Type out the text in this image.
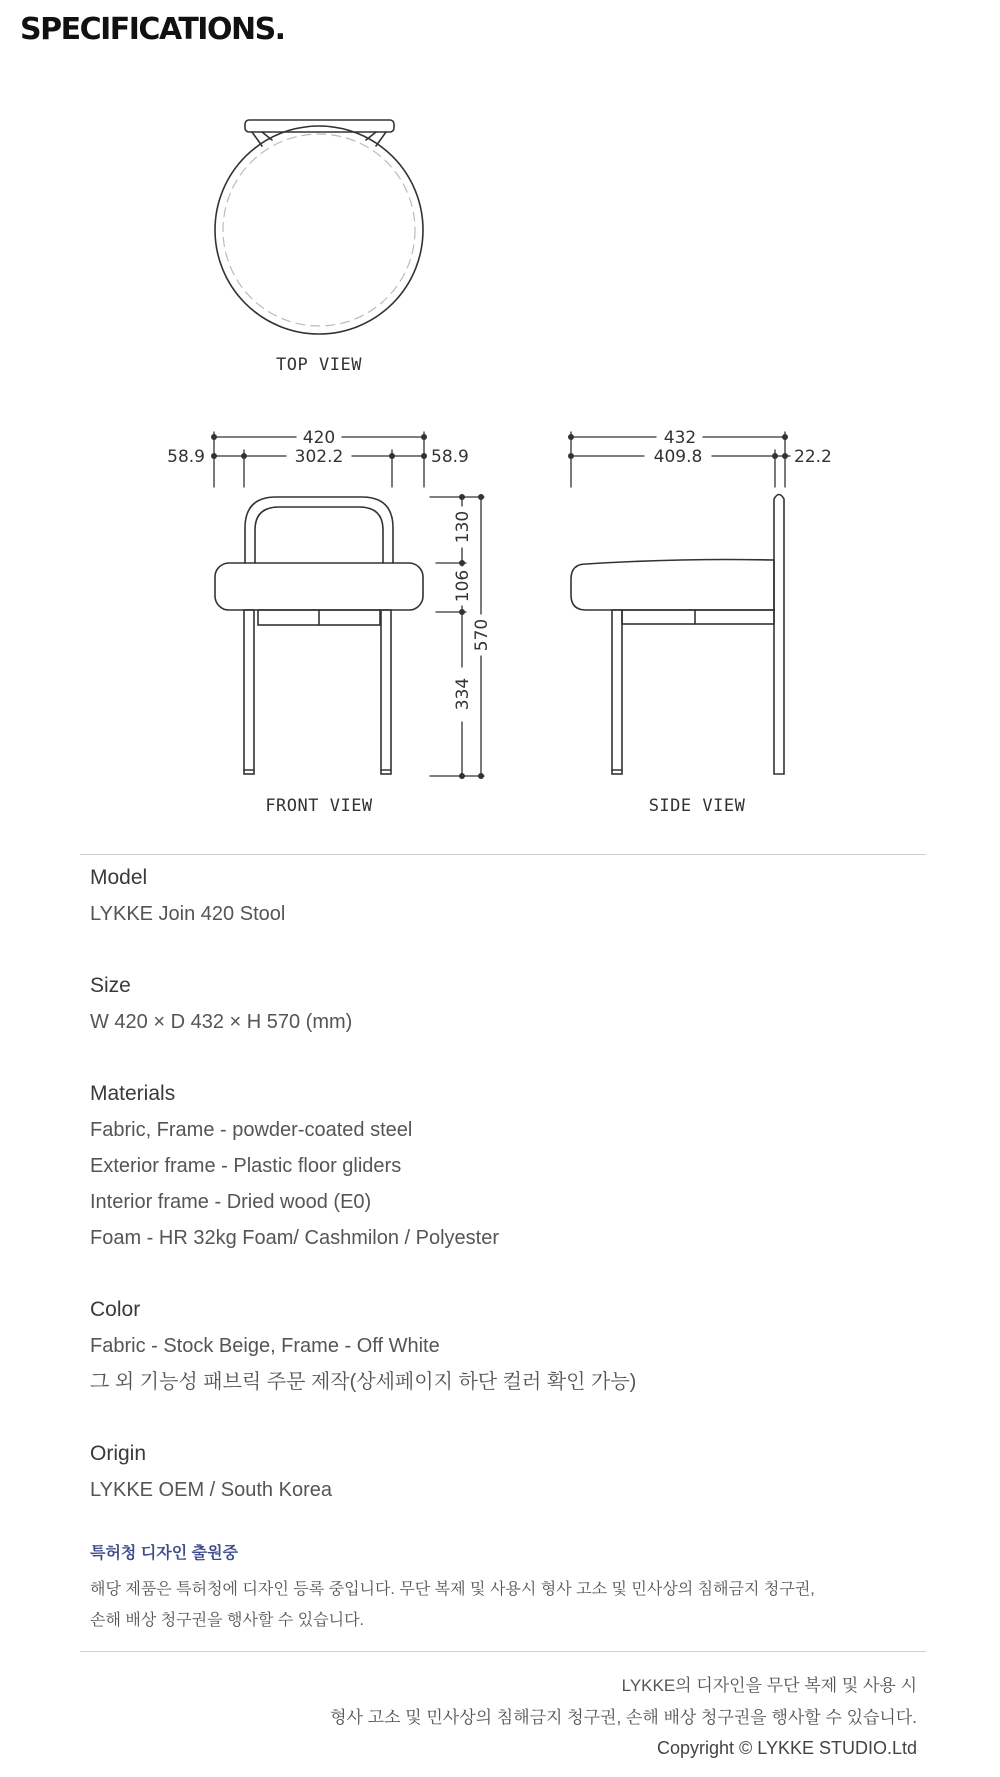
SPECIFICATIONS.
420
302.2
58.9	58.9
432
409.8	22.2
130
106
334
570
TOP VIEW
FRONT VIEW	SIDE VIEW

Model

LYKKE Join 420 Stool

Size

W 420 × D 432 × H 570 (mm)

Materials

Fabric, Frame - powder-coated steel

Exterior frame - Plastic floor gliders

Interior frame - Dried wood (E0)

Foam - HR 32kg Foam/ Cashmilon / Polyester

Color

Fabric - Stock Beige, Frame - Off White

그 외 기능성 패브릭 주문 제작(상세페이지 하단 컬러 확인 가능)

Origin

LYKKE OEM / South Korea

특허청 디자인 출원중

해당 제품은 특허청에 디자인 등록 중입니다. 무단 복제 및 사용시 형사 고소 및 민사상의 침해금지 청구권,

손해 배상 청구권을 행사할 수 있습니다.

LYKKE의 디자인을 무단 복제 및 사용 시

형사 고소 및 민사상의 침해금지 청구권, 손해 배상 청구권을 행사할 수 있습니다.

Copyright © LYKKE STUDIO.Ltd
